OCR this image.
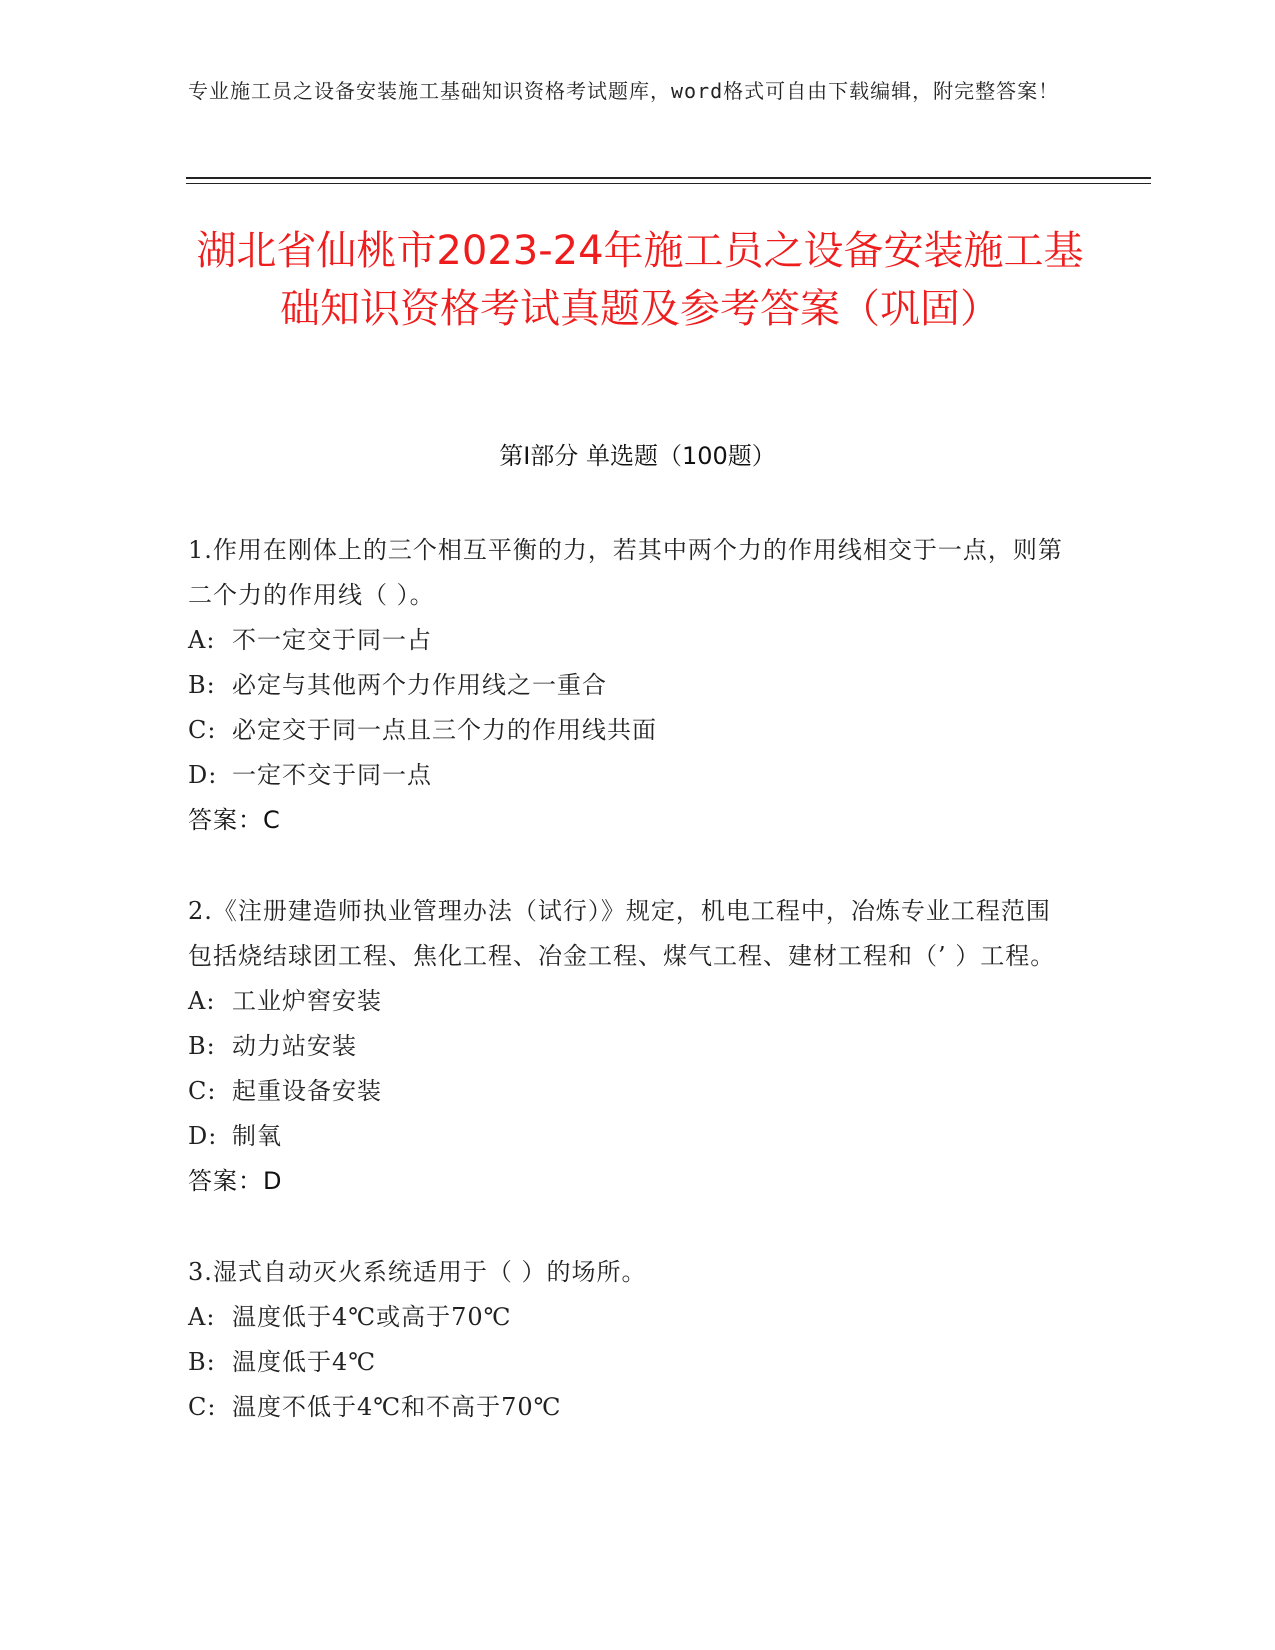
专业施工员之设备安装施工基础知识资格考试题库，word格式可自由下载编辑，附完整答案！
湖北省仙桃市2023-24年施工员之设备安装施工基础知识资格考试真题及参考答案（巩固）
第Ⅰ部分 单选题（100题）
1.作用在刚体上的三个相互平衡的力，若其中两个力的作用线相交于一点，则第二个力的作用线（ ）。
A: 不一定交于同一占
B: 必定与其他两个力作用线之一重合
C: 必定交于同一点且三个力的作用线共面
D: 一定不交于同一点
答案：C
2.《注册建造师执业管理办法（试行）》规定，机电工程中，冶炼专业工程范围包括烧结球团工程、焦化工程、冶金工程、煤气工程、建材工程和（’ ）工程。
A: 工业炉窖安装
B: 动力站安装
C: 起重设备安装
D: 制氧
答案：D
3.湿式自动灭火系统适用于（ ）的场所。
A: 温度低于4℃或高于70℃
B: 温度低于4℃
C: 温度不低于4℃和不高于70℃
